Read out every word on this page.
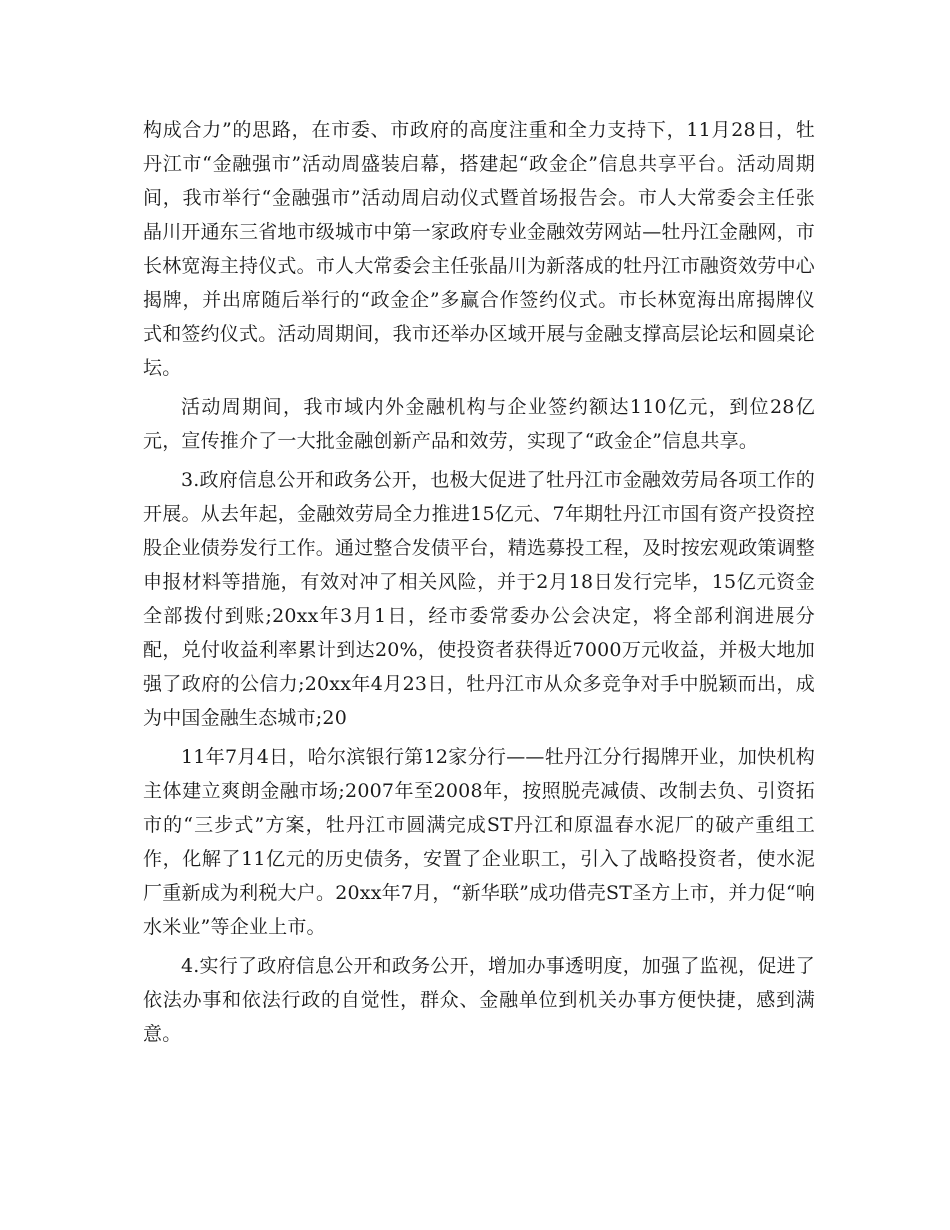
构成合力”的思路，在市委、市政府的高度注重和全力支持下，11月28日，牡丹江市“金融强市”活动周盛装启幕，搭建起“政金企”信息共享平台。活动周期间，我市举行“金融强市”活动周启动仪式暨首场报告会。市人大常委会主任张晶川开通东三省地市级城市中第一家政府专业金融效劳网站—牡丹江金融网，市长林宽海主持仪式。市人大常委会主任张晶川为新落成的牡丹江市融资效劳中心揭牌，并出席随后举行的“政金企”多赢合作签约仪式。市长林宽海出席揭牌仪式和签约仪式。活动周期间，我市还举办区域开展与金融支撑高层论坛和圆桌论坛。

活动周期间，我市域内外金融机构与企业签约额达110亿元，到位28亿元，宣传推介了一大批金融创新产品和效劳，实现了“政金企”信息共享。

3.政府信息公开和政务公开，也极大促进了牡丹江市金融效劳局各项工作的开展。从去年起，金融效劳局全力推进15亿元、7年期牡丹江市国有资产投资控股企业债券发行工作。通过整合发债平台，精选募投工程，及时按宏观政策调整申报材料等措施，有效对冲了相关风险，并于2月18日发行完毕，15亿元资金全部拨付到账;20xx年3月1日，经市委常委办公会决定，将全部利润进展分配，兑付收益利率累计到达20%，使投资者获得近7000万元收益，并极大地加强了政府的公信力;20xx年4月23日，牡丹江市从众多竞争对手中脱颖而出，成为中国金融生态城市;20

11年7月4日，哈尔滨银行第12家分行——牡丹江分行揭牌开业，加快机构主体建立爽朗金融市场;2007年至2008年，按照脱壳减债、改制去负、引资拓市的“三步式”方案，牡丹江市圆满完成ST丹江和原温春水泥厂的破产重组工作，化解了11亿元的历史债务，安置了企业职工，引入了战略投资者，使水泥厂重新成为利税大户。20xx年7月，“新华联”成功借壳ST圣方上市，并力促“响水米业”等企业上市。

4.实行了政府信息公开和政务公开，增加办事透明度，加强了监视，促进了依法办事和依法行政的自觉性，群众、金融单位到机关办事方便快捷，感到满意。
